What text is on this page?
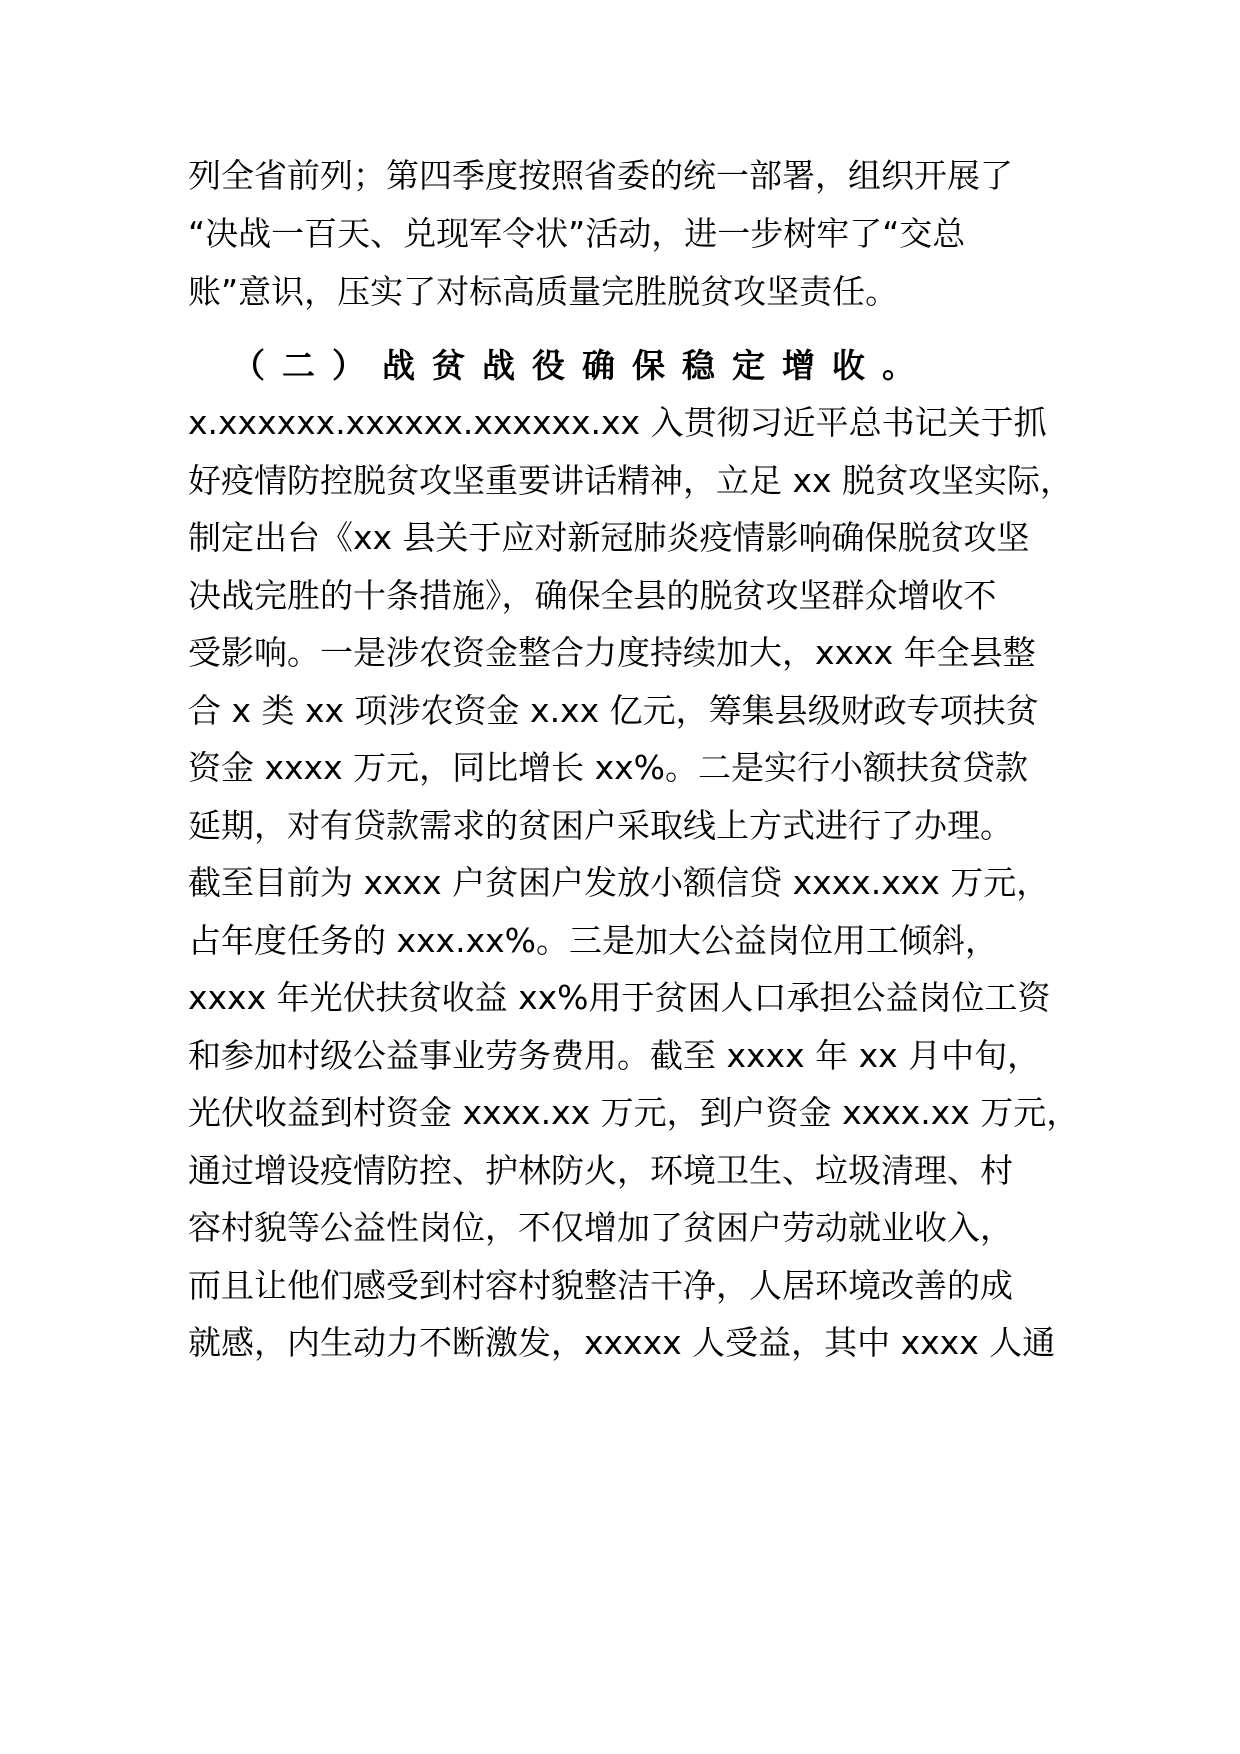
列全省前列；第四季度按照省委的统一部署，组织开展了
“决战一百天、兑现军令状”活动，进一步树牢了“交总
账”意识，压实了对标高质量完胜脱贫攻坚责任。
（二）战贫战役确保稳定增收。
x.xxxxxx.xxxxxx.xxxxxx.xx 入贯彻习近平总书记关于抓
好疫情防控脱贫攻坚重要讲话精神，立足 xx 脱贫攻坚实际，
制定出台《xx 县关于应对新冠肺炎疫情影响确保脱贫攻坚
决战完胜的十条措施》，确保全县的脱贫攻坚群众增收不
受影响。一是涉农资金整合力度持续加大，xxxx 年全县整
合 x 类 xx 项涉农资金 x.xx 亿元，筹集县级财政专项扶贫
资金 xxxx 万元，同比增长 xx%。二是实行小额扶贫贷款
延期，对有贷款需求的贫困户采取线上方式进行了办理。
截至目前为 xxxx 户贫困户发放小额信贷 xxxx.xxx 万元，
占年度任务的 xxx.xx%。三是加大公益岗位用工倾斜，
xxxx 年光伏扶贫收益 xx%用于贫困人口承担公益岗位工资
和参加村级公益事业劳务费用。截至 xxxx 年 xx 月中旬，
光伏收益到村资金 xxxx.xx 万元，到户资金 xxxx.xx 万元，
通过增设疫情防控、护林防火，环境卫生、垃圾清理、村
容村貌等公益性岗位，不仅增加了贫困户劳动就业收入，
而且让他们感受到村容村貌整洁干净，人居环境改善的成
就感，内生动力不断激发，xxxxx 人受益，其中 xxxx 人通
